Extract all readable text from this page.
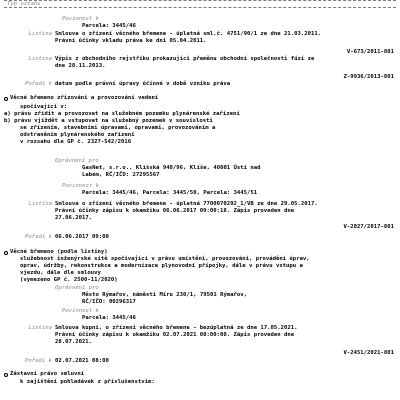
Typ vztahu
Povinnost k
Parcela: 3445/46
Listina Smlouva o zřízení věcného břemene - úplatná sml.č. 4751/90/1 ze dne 21.03.2011.
Právní účinky vkladu práva ke dni 05.04.2011.
V-673/2011-801
Listina Výpis z obchodního rejstříku prokazující přeměnu obchodní společnosti fúzí ze
dne 28.11.2013.
Z-9936/2013-801
Pořadí k datum podle právní úpravy účinné v době vzniku práva
Věcné břemeno zřizování a provozování vedení
spočívající v:
a) právu zřídit a provozovat na služebném pozemku plynárenské zařízení
b) právu vjíždět a vstupovat na služebný pozemek v souvislosti
se zřízením, stavebními úpravami, opravami, provozováním a
odstraněním plynárenského zařízení
v rozsahu dle GP č. 2327-542/2016
Oprávnění pro
GasNet, s.r.o., Klíšská 940/96, Klíše, 40001 Ústí nad
Labem, RČ/IČO: 27295567
Povinnost k
Parcela: 3445/46, Parcela: 3445/50, Parcela: 3445/51
Listina Smlouva o zřízení věcného břemene - úplatná 7700070292_1/VB ze dne 29.05.2017.
Právní účinky zápisu k okamžiku 06.06.2017 09:00:18. Zápis proveden dne
27.06.2017.
V-2027/2017-801
Pořadí k 06.06.2017 09:00
Věcné břemeno (podle listiny)
služebnost inženýrské sítě spočívající v právu umístění, provozování, provádění úprav,
oprav, údržby, rekonstrukce a modernizace plynovodní přípojky, dále v právu vstupu a
vjezdu, dále dle smlouvy
(vymezeno GP č. 2500-11/2020)
Oprávnění pro
Město Rýmařov, náměstí Míru 230/1, 79501 Rýmařov,
RČ/IČO: 00296317
Povinnost k
Parcela: 3445/46
Listina Smlouva kupní, o zřízení věcného břemene - bezúplatná ze dne 17.05.2021.
Právní účinky zápisu k okamžiku 02.07.2021 08:00:00. Zápis proveden dne
28.07.2021.
V-2451/2021-801
Pořadí k 02.07.2021 08:00
Zástavní právo smluvní
k zajištění pohledávek z příslušenstvím:
